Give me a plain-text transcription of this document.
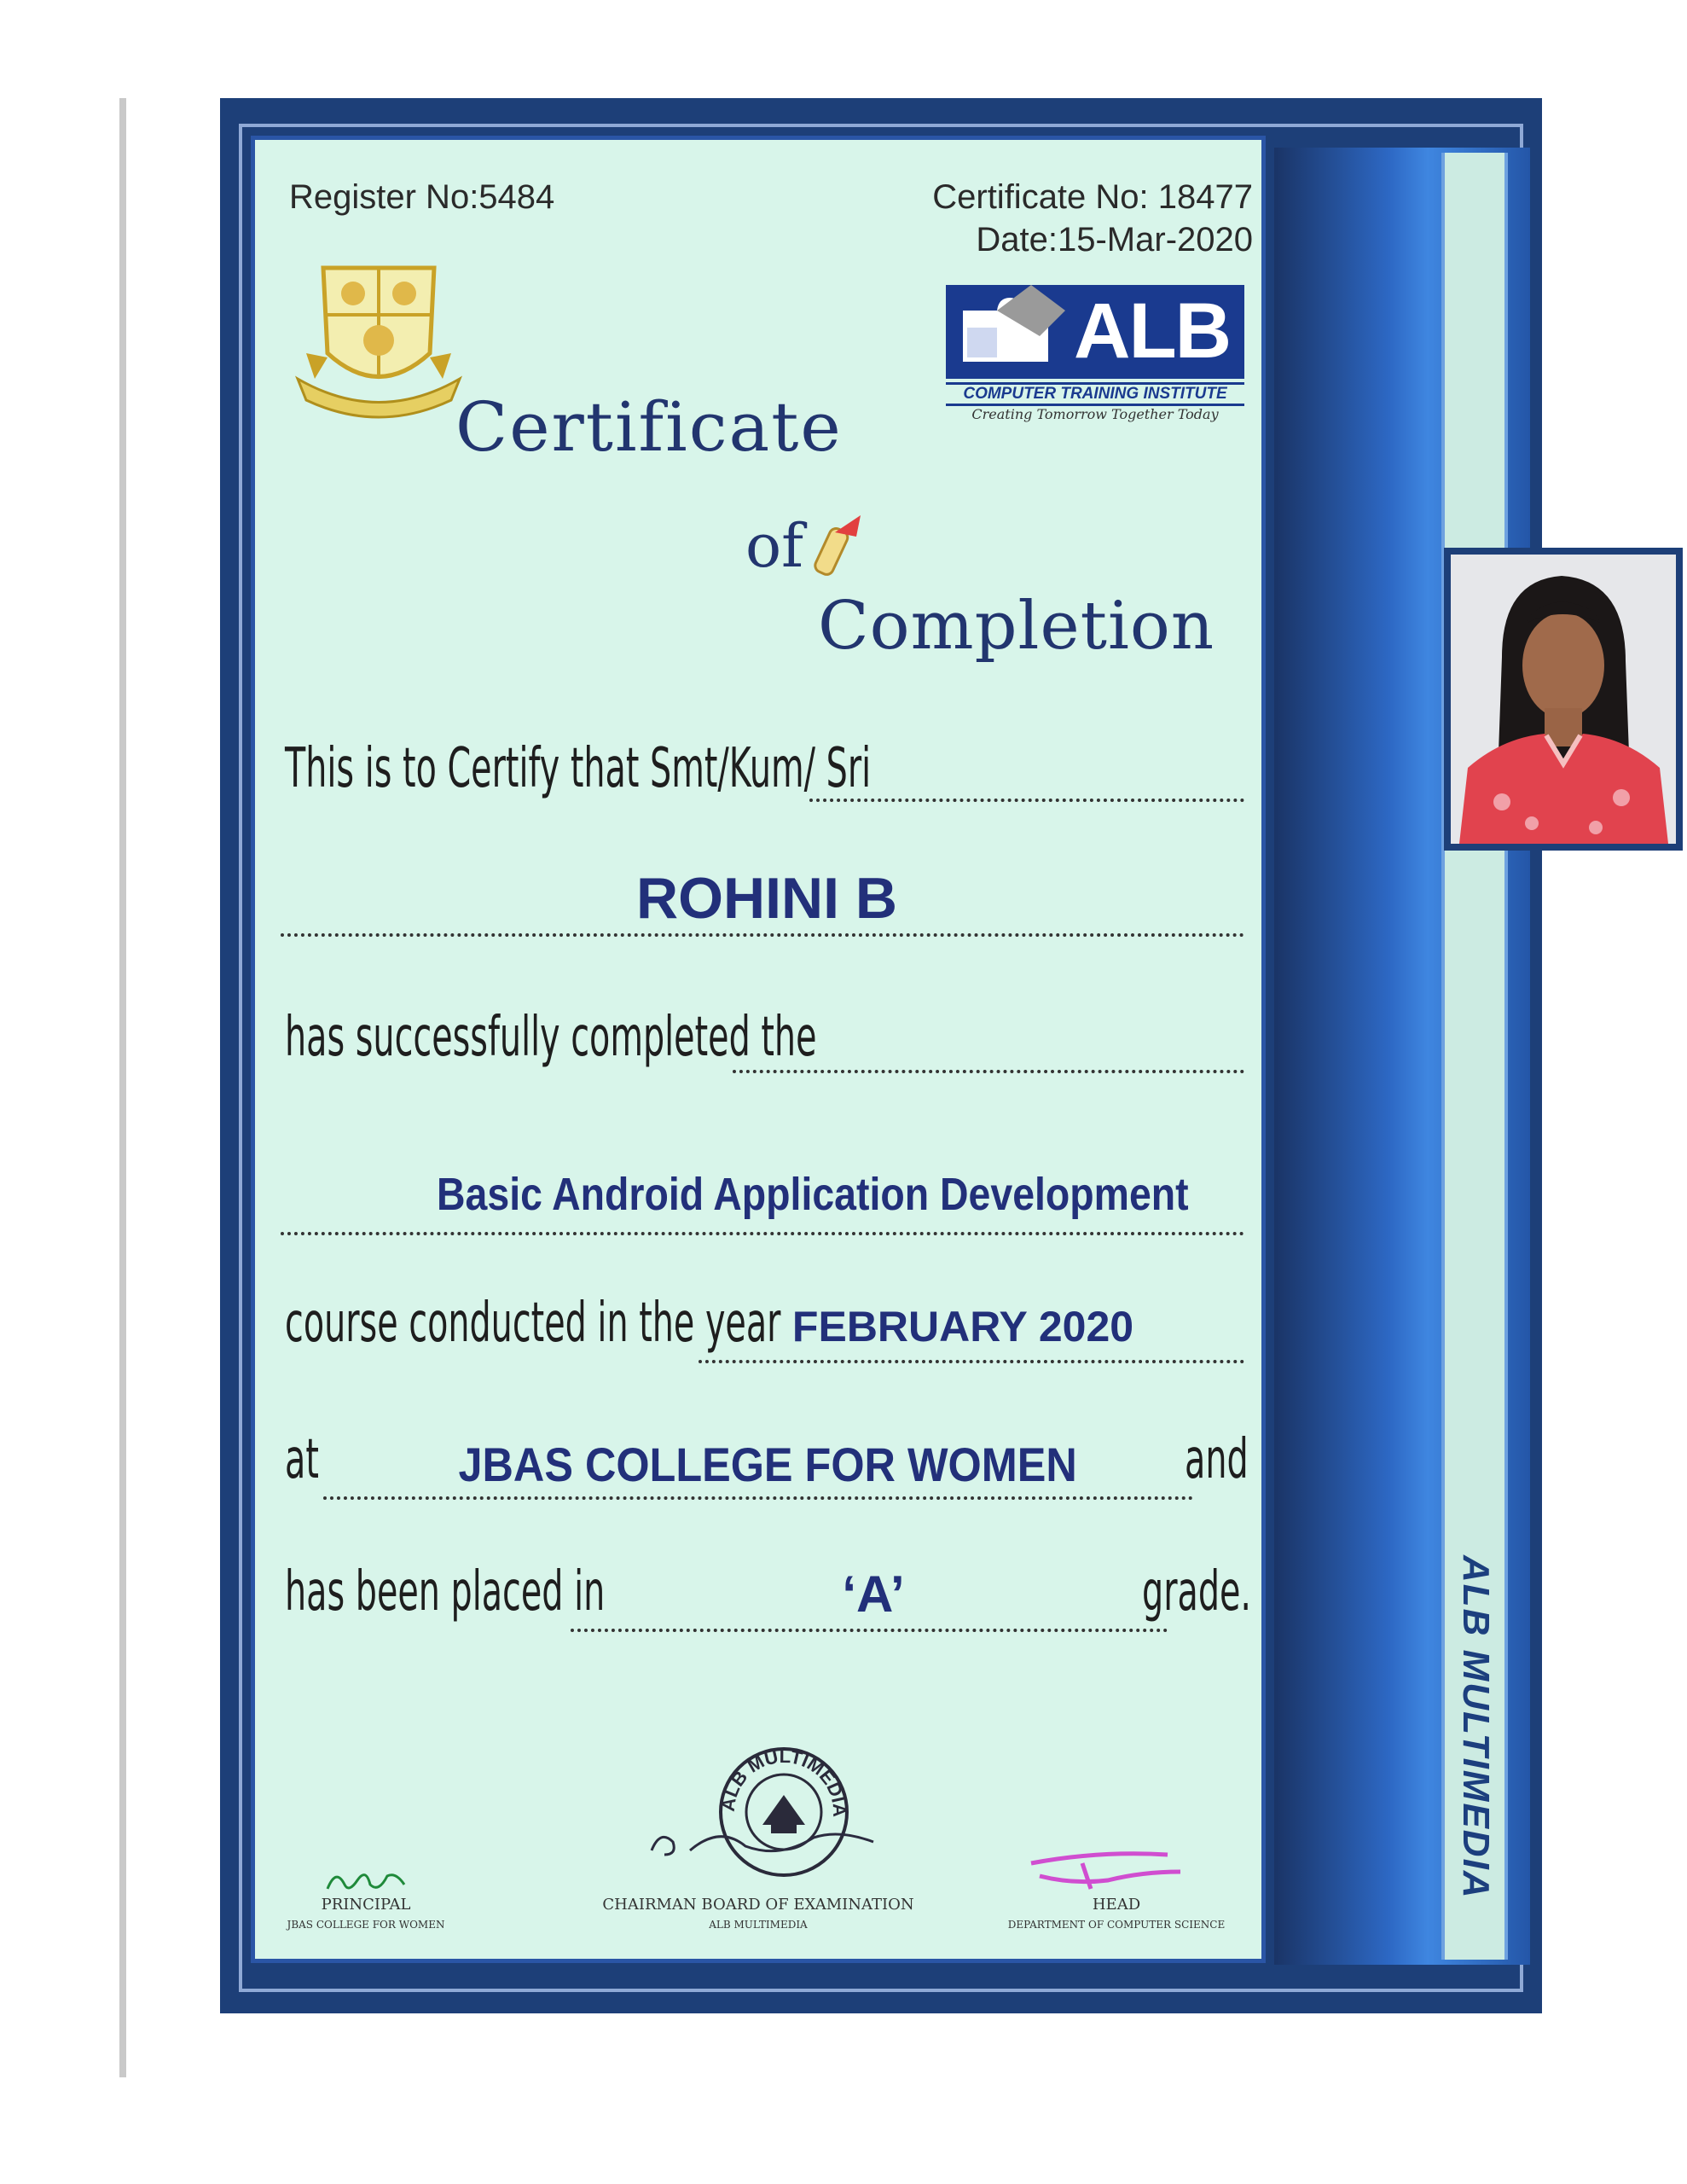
ALB MULTIMEDIA
Register No:5484	Certificate No: 18477
Date:15-Mar-2020
ALB
COMPUTER TRAINING INSTITUTE
Creating Tomorrow Together Today
Certificate
of
Completion
This is to Certify that Smt/Kum/ Sri
ROHINI B
has successfully completed the
Basic Android Application Development
course conducted in the year FEBRUARY 2020
at	JBAS COLLEGE FOR WOMEN and
has been placed in	‘A’	grade.
ALB MULTIMEDIA
CHAIRMAN BOARD OF EXAMINATION
ALB MULTIMEDIA
PRINCIPAL
JBAS COLLEGE FOR WOMEN
HEAD
DEPARTMENT OF COMPUTER SCIENCE
